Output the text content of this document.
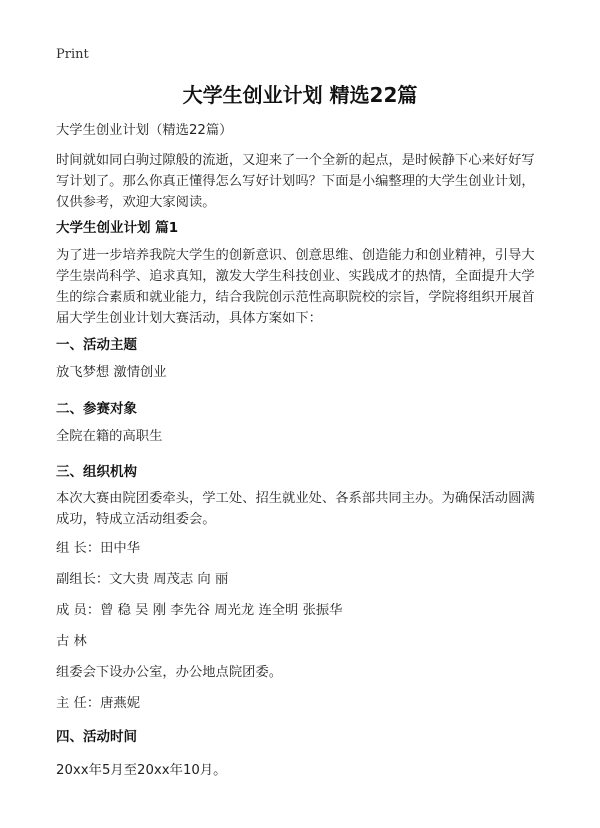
Print
大学生创业计划 精选22篇

大学生创业计划（精选22篇）

时间就如同白驹过隙般的流逝，又迎来了一个全新的起点，是时候静下心来好好写写计划了。那么你真正懂得怎么写好计划吗？下面是小编整理的大学生创业计划，仅供参考，欢迎大家阅读。

大学生创业计划 篇1

为了进一步培养我院大学生的创新意识、创意思维、创造能力和创业精神，引导大学生崇尚科学、追求真知，激发大学生科技创业、实践成才的热情，全面提升大学生的综合素质和就业能力，结合我院创示范性高职院校的宗旨，学院将组织开展首届大学生创业计划大赛活动，具体方案如下：

一、活动主题

放飞梦想 激情创业

二、参赛对象

全院在籍的高职生

三、组织机构

本次大赛由院团委牵头，学工处、招生就业处、各系部共同主办。为确保活动圆满成功，特成立活动组委会。

组 长：田中华

副组长：文大贵 周茂志 向 丽

成 员：曾 稳 吴 刚 李先谷 周光龙 连全明 张振华

古 林

组委会下设办公室，办公地点院团委。

主 任：唐燕妮

四、活动时间

20xx年5月至20xx年10月。
